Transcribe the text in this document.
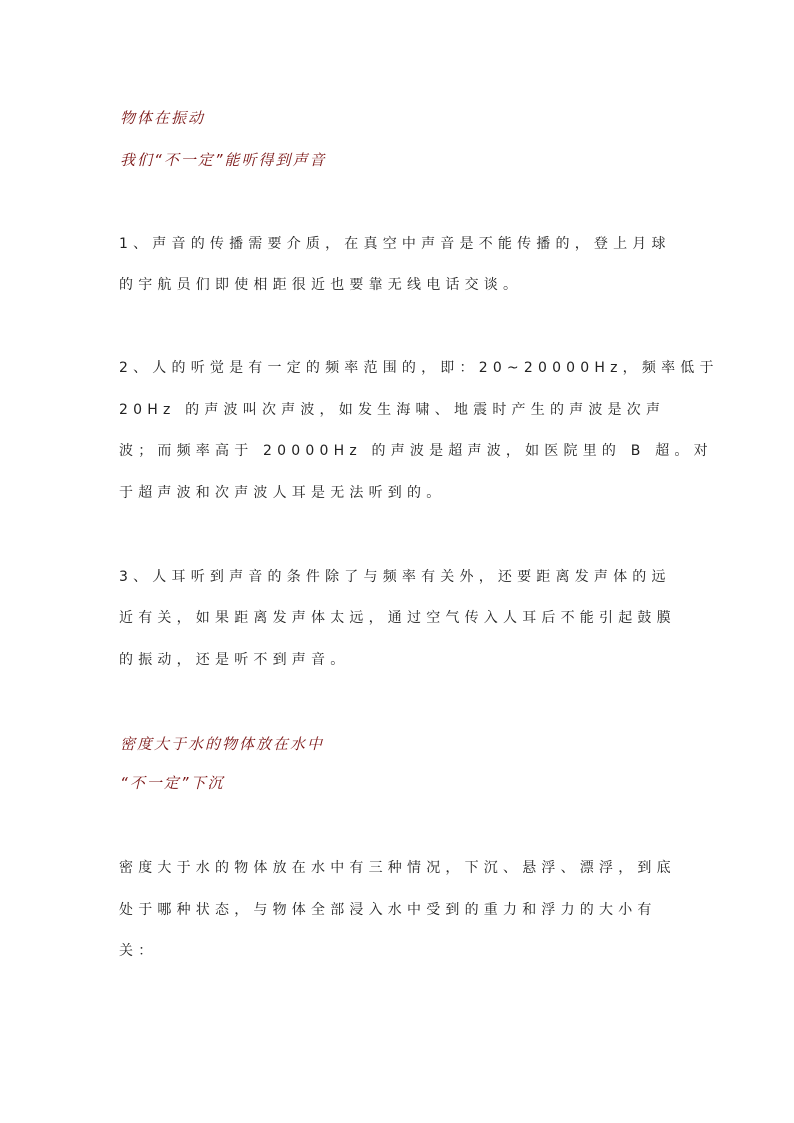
物体在振动
我们“不一定”能听得到声音
1、声音的传播需要介质，在真空中声音是不能传播的，登上月球
的宇航员们即使相距很近也要靠无线电话交谈。
2、人的听觉是有一定的频率范围的，即：20~20000Hz，频率低于
20Hz 的声波叫次声波，如发生海啸、地震时产生的声波是次声
波；而频率高于 20000Hz 的声波是超声波，如医院里的 B 超。对
于超声波和次声波人耳是无法听到的。
3、人耳听到声音的条件除了与频率有关外，还要距离发声体的远
近有关，如果距离发声体太远，通过空气传入人耳后不能引起鼓膜
的振动，还是听不到声音。
密度大于水的物体放在水中
“不一定”下沉
密度大于水的物体放在水中有三种情况，下沉、悬浮、漂浮，到底
处于哪种状态，与物体全部浸入水中受到的重力和浮力的大小有
关：
